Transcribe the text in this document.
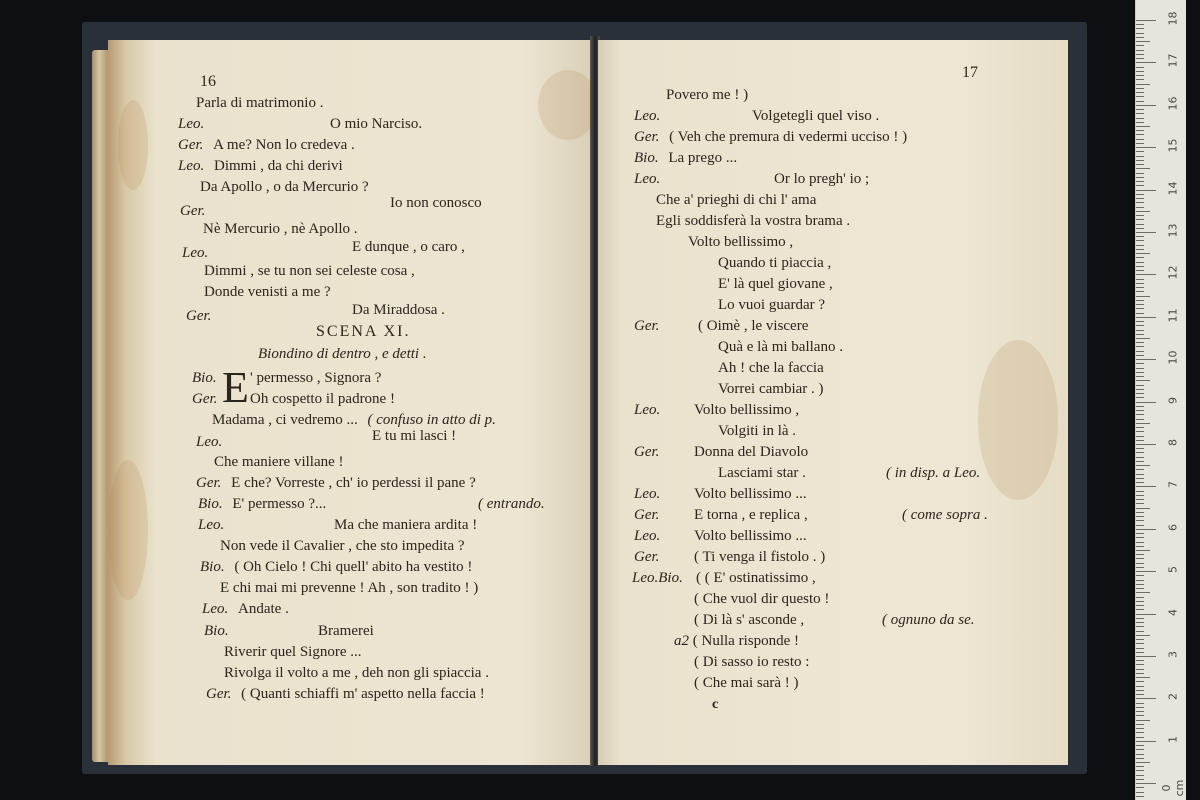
16
Parla di matrimonio .
Leo.	O mio Narciso.
Ger. A me? Non lo credeva .
Leo. Dimmi , da chi derivi
Da Apollo , o da Mercurio ?
Ger.	Io non conosco
Nè Mercurio , nè Apollo .
Leo.	E dunque , o caro ,
Dimmi , se tu non sei celeste cosa ,
Donde venisti a me ?
Ger.	Da Miraddosa .
SCENA XI.
Biondino di dentro , e detti .
Bio. ' permesso , Signora ?
Ger. Oh cospetto il padrone !
Madama , ci vedremo ... ( confuso in atto di p.
Leo.	E tu mi lasci !
Che maniere villane !
Ger. E che? Vorreste , ch' io perdessi il pane ?
Bio. E' permesso ?...	( entrando.
Leo.	Ma che maniera ardita !
Non vede il Cavalier , che sto impedita ?
Bio. ( Oh Cielo ! Chi quell' abito ha vestito !
E chi mai mi prevenne ! Ah , son tradito ! )
Leo. Andate .
Bio.	Bramerei
Riverir quel Signore ...
Rivolga il volto a me , deh non gli spiaccia .
Ger. ( Quanti schiaffi m' aspetto nella faccia !
E
17
Povero me ! )
Leo.	Volgetegli quel viso .
Ger. ( Veh che premura di vedermi ucciso ! )
Bio. La prego ...
Leo.	Or lo pregh' io ;
Che a' prieghi di chi l' ama
Egli soddisferà la vostra brama .
Volto bellissimo ,
Quando ti piaccia ,
E' là quel giovane ,
Lo vuoi guardar ?
Ger.	( Oimè , le viscere
Quà e là mi ballano .
Ah ! che la faccia
Vorrei cambiar . )
Leo. Volto bellissimo ,
Volgiti in là .
Ger. Donna del Diavolo
Lasciami star .	( in disp. a Leo.
Leo. Volto bellissimo ...
Ger. E torna , e replica ,	( come sopra .
Leo. Volto bellissimo ...
Ger. ( Ti venga il fistolo . )
Leo.Bio. ( ( E' ostinatissimo ,
( Che vuol dir questo !
( Di là s' asconde ,	( ognuno da se.
a2 ( Nulla risponde !
( Di sasso io resto :
( Che mai sarà ! )
c
18
17
16
15
14
13
12
11
10
9
8
7
6
5
4
3
2
1
0 cm
